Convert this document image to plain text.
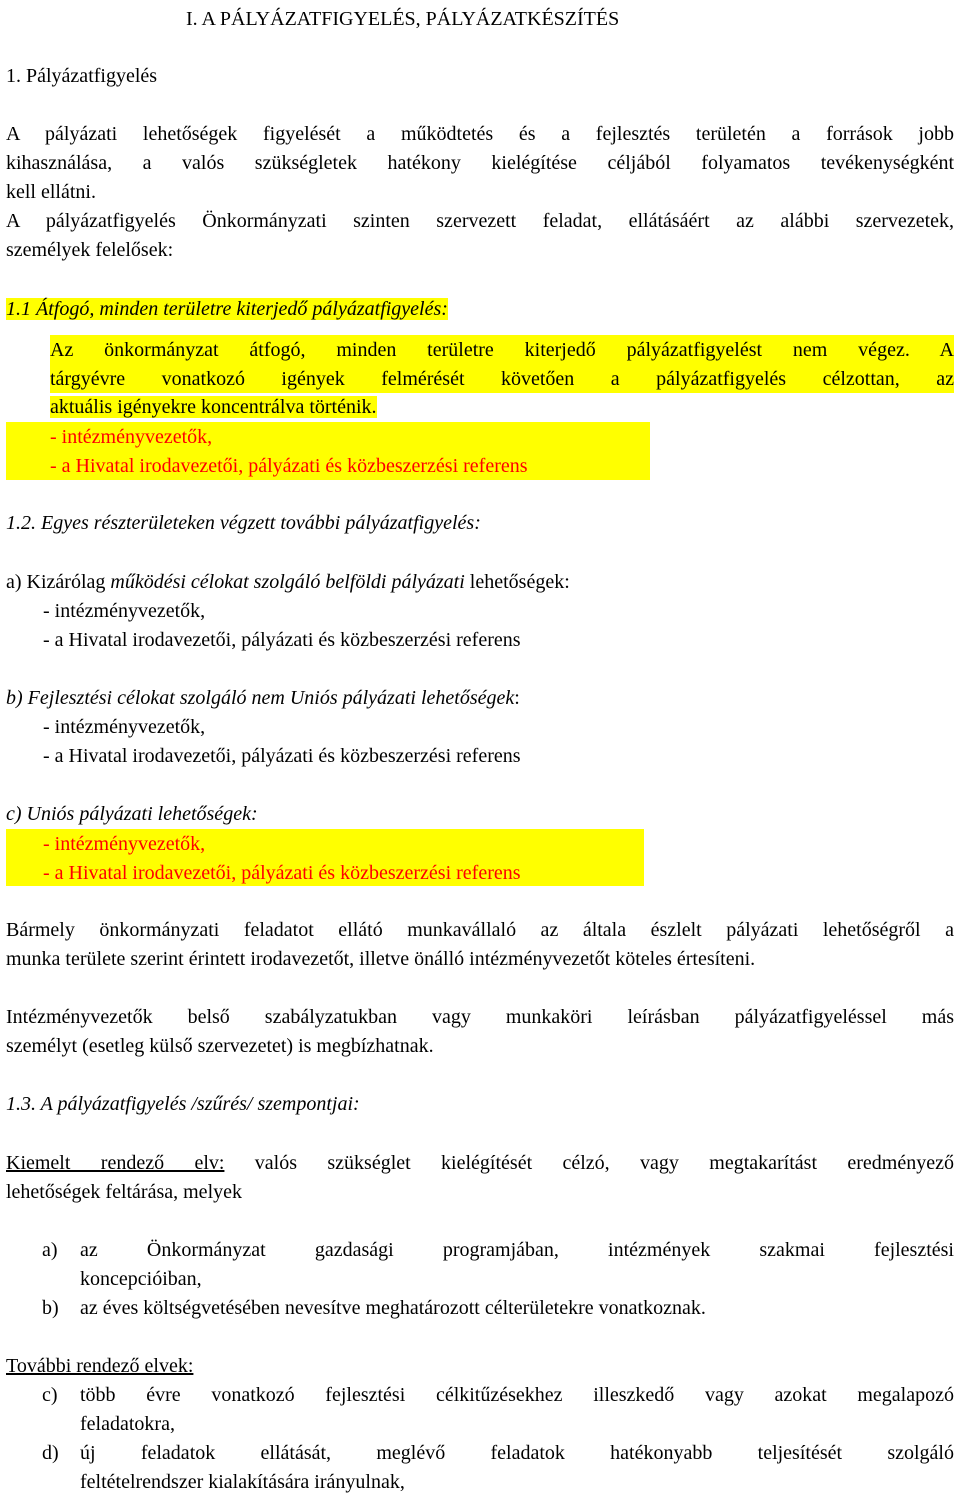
I. A PÁLYÁZATFIGYELÉS, PÁLYÁZATKÉSZÍTÉS
1. Pályázatfigyelés
A pályázati lehetőségek figyelését a működtetés és a fejlesztés területén a források jobb
kihasználása, a valós szükségletek hatékony kielégítése céljából folyamatos tevékenységként
kell ellátni.
A pályázatfigyelés Önkormányzati szinten szervezett feladat, ellátásáért az alábbi szervezetek,
személyek felelősek:
1.1 Átfogó, minden területre kiterjedő pályázatfigyelés:
Az önkormányzat átfogó, minden területre kiterjedő pályázatfigyelést nem végez. A
tárgyévre vonatkozó igények felmérését követően a pályázatfigyelés célzottan, az
aktuális igényekre koncentrálva történik.
- intézményvezetők,
- a Hivatal irodavezetői, pályázati és közbeszerzési referens
1.2. Egyes részterületeken végzett további pályázatfigyelés:
a) Kizárólag működési célokat szolgáló belföldi pályázati lehetőségek:
- intézményvezetők,
- a Hivatal irodavezetői, pályázati és közbeszerzési referens
b) Fejlesztési célokat szolgáló nem Uniós pályázati lehetőségek:
- intézményvezetők,
- a Hivatal irodavezetői, pályázati és közbeszerzési referens
c) Uniós pályázati lehetőségek:
- intézményvezetők,
- a Hivatal irodavezetői, pályázati és közbeszerzési referens
Bármely önkormányzati feladatot ellátó munkavállaló az általa észlelt pályázati lehetőségről a
munka területe szerint érintett irodavezetőt, illetve önálló intézményvezetőt köteles értesíteni.
Intézményvezetők belső szabályzatukban vagy munkaköri leírásban pályázatfigyeléssel más
személyt (esetleg külső szervezetet) is megbízhatnak.
1.3. A pályázatfigyelés /szűrés/ szempontjai:
Kiemelt rendező elv: valós szükséglet kielégítését célzó, vagy megtakarítást eredményező
lehetőségek feltárása, melyek
a) az Önkormányzat gazdasági programjában, intézmények szakmai fejlesztési
koncepcióiban,
b) az éves költségvetésében nevesítve meghatározott célterületekre vonatkoznak.
További rendező elvek:
c) több évre vonatkozó fejlesztési célkitűzésekhez illeszkedő vagy azokat megalapozó
feladatokra,
d) új feladatok ellátását, meglévő feladatok hatékonyabb teljesítését szolgáló
feltételrendszer kialakítására irányulnak,
